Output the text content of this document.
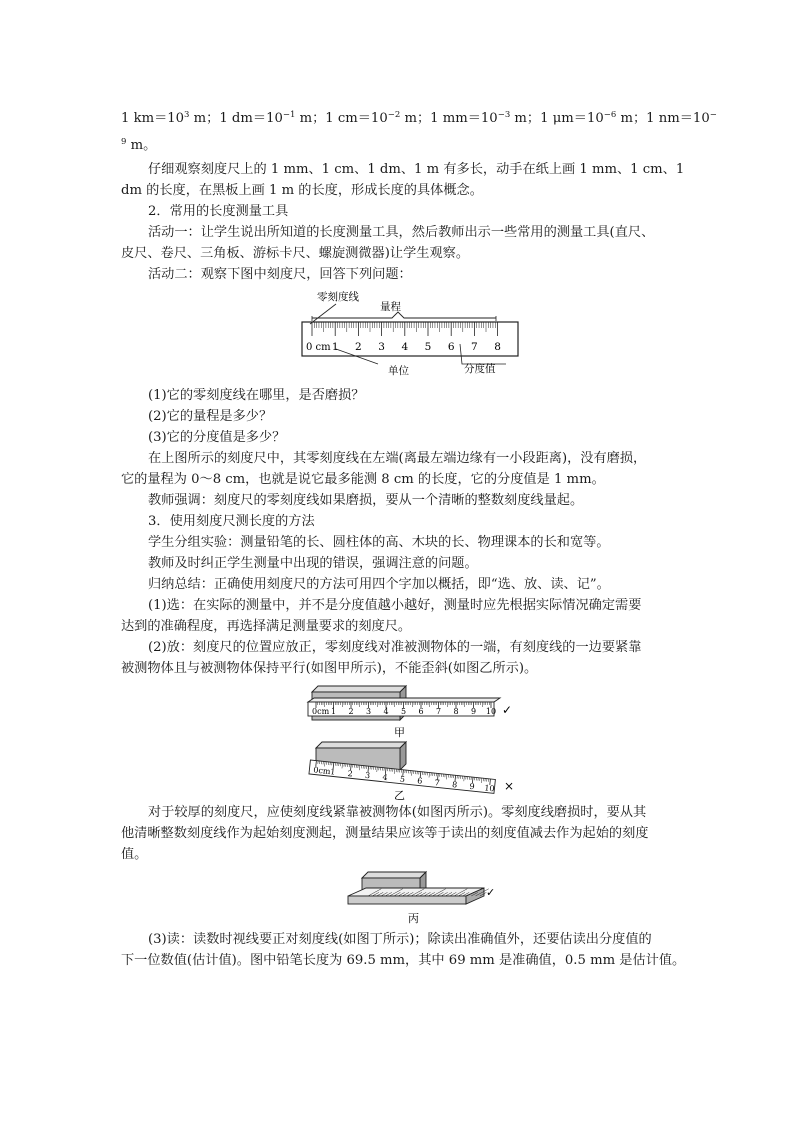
1 $km=10^3$ m；1 $dm=10^{-1}$ m；1 $cm=10^{-2}$ m；1 $mm=10^{-3}$ m；1 $\mu m=10^{-6}$ m；1 nm＝10−
$^9$ m。
仔细观察刻度尺上的 1 mm、1 cm、1 dm、1 m 有多长，动手在纸上画 1 mm、1 cm、1
dm 的长度，在黑板上画 1 m 的长度，形成长度的具体概念。
2．常用的长度测量工具
活动一：让学生说出所知道的长度测量工具，然后教师出示一些常用的测量工具(直尺、
皮尺、卷尺、三角板、游标卡尺、螺旋测微器)让学生观察。
活动二：观察下图中刻度尺，回答下列问题：
零刻度线
量程
0 cm 1 2 3 4 5 6 7 8
单位	分度值
(1)它的零刻度线在哪里，是否磨损？
(2)它的量程是多少？
(3)它的分度值是多少？
在上图所示的刻度尺中，其零刻度线在左端(离最左端边缘有一小段距离)，没有磨损，
它的量程为 0～8 cm，也就是说它最多能测 8 cm 的长度，它的分度值是 1 mm。
教师强调：刻度尺的零刻度线如果磨损，要从一个清晰的整数刻度线量起。
3．使用刻度尺测长度的方法
学生分组实验：测量铅笔的长、圆柱体的高、木块的长、物理课本的长和宽等。
教师及时纠正学生测量中出现的错误，强调注意的问题。
归纳总结：正确使用刻度尺的方法可用四个字加以概括，即“选、放、读、记”。
(1)选：在实际的测量中，并不是分度值越小越好，测量时应先根据实际情况确定需要
达到的准确程度，再选择满足测量要求的刻度尺。
(2)放：刻度尺的位置应放正，零刻度线对准被测物体的一端，有刻度线的一边要紧靠
被测物体且与被测物体保持平行(如图甲所示)，不能歪斜(如图乙所示)。
0cm 1 2 3 4 5 6 7 8 9 10 ✓
甲
0cm
1 2 3 4 5 6 7 8 9 10 ×
乙
对于较厚的刻度尺，应使刻度线紧靠被测物体(如图丙所示)。零刻度线磨损时，要从其
他清晰整数刻度线作为起始刻度测起，测量结果应该等于读出的刻度值减去作为起始的刻度
值。
✓
丙
(3)读：读数时视线要正对刻度线(如图丁所示)；除读出准确值外，还要估读出分度值的
下一位数值(估计值)。图中铅笔长度为 69.5 mm，其中 69 mm 是准确值，0.5 mm 是估计值。
